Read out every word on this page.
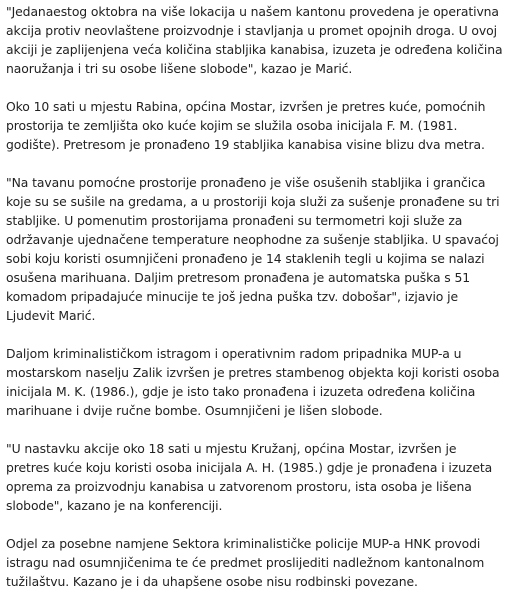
"Jedanaestog oktobra na više lokacija u našem kantonu provedena je operativna akcija protiv neovlaštene proizvodnje i stavljanja u promet opojnih droga. U ovoj akciji je zaplijenjena veća količina stabljika kanabisa, izuzeta je određena količina naoružanja i tri su osobe lišene slobode", kazao je Marić.

Oko 10 sati u mjestu Rabina, općina Mostar, izvršen je pretres kuće, pomoćnih prostorija te zemljišta oko kuće kojim se služila osoba inicijala F. M. (1981. godište). Pretresom je pronađeno 19 stabljika kanabisa visine blizu dva metra.

"Na tavanu pomoćne prostorije pronađeno je više osušenih stabljika i grančica koje su se sušile na gredama, a u prostoriji koja služi za sušenje pronađene su tri stabljike. U pomenutim prostorijama pronađeni su termometri koji služe za održavanje ujednačene temperature neophodne za sušenje stabljika. U spavaćoj sobi koju koristi osumnjičeni pronađeno je 14 staklenih tegli u kojima se nalazi osušena marihuana. Daljim pretresom pronađena je automatska puška s 51 komadom pripadajuće minucije te još jedna puška tzv. dobošar", izjavio je Ljudevit Marić.

Daljom kriminalističkom istragom i operativnim radom pripadnika MUP-a u mostarskom naselju Zalik izvršen je pretres stambenog objekta koji koristi osoba inicijala M. K. (1986.), gdje je isto tako pronađena i izuzeta određena količina marihuane i dvije ručne bombe. Osumnjičeni je lišen slobode.

"U nastavku akcije oko 18 sati u mjestu Kružanj, općina Mostar, izvršen je pretres kuće koju koristi osoba inicijala A. H. (1985.) gdje je pronađena i izuzeta oprema za proizvodnju kanabisa u zatvorenom prostoru, ista osoba je lišena slobode", kazano je na konferenciji.

Odjel za posebne namjene Sektora kriminalističke policije MUP-a HNK provodi istragu nad osumnjičenima te će predmet proslijediti nadležnom kantonalnom tužilaštvu. Kazano je i da uhapšene osobe nisu rodbinski povezane.
